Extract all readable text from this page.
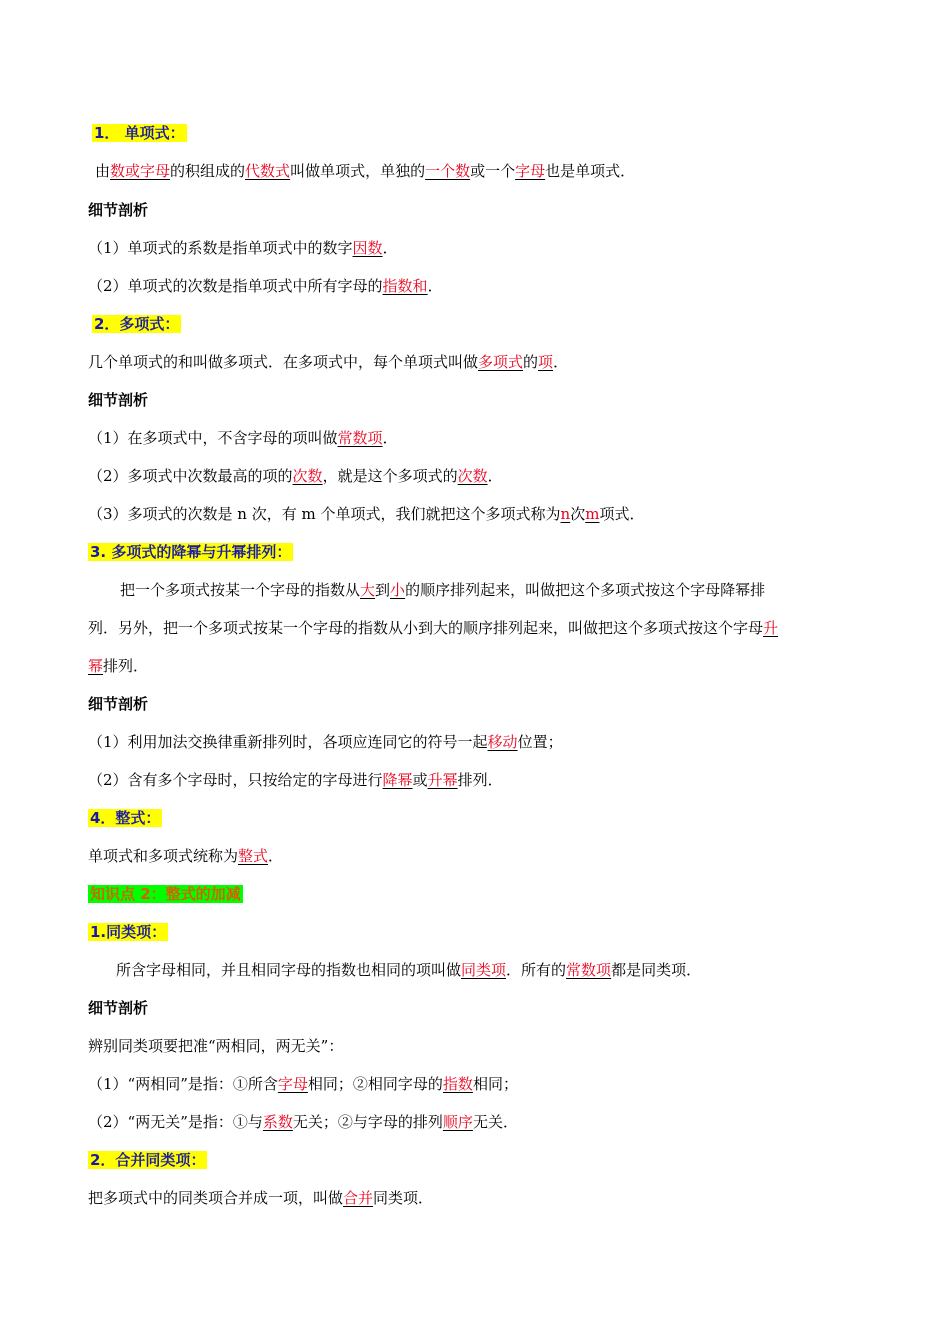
1． 单项式：
由数或字母的积组成的代数式叫做单项式，单独的一个数或一个字母也是单项式．
细节剖析
（1）单项式的系数是指单项式中的数字因数．
（2）单项式的次数是指单项式中所有字母的指数和．
2．多项式：
几个单项式的和叫做多项式．在多项式中，每个单项式叫做多项式的项．
细节剖析
（1）在多项式中，不含字母的项叫做常数项．
（2）多项式中次数最高的项的次数，就是这个多项式的次数．
（3）多项式的次数是 n 次，有 m 个单项式，我们就把这个多项式称为n次m项式．
3. 多项式的降幂与升幂排列：
把一个多项式按某一个字母的指数从大到小的顺序排列起来，叫做把这个多项式按这个字母降幂排
列．另外，把一个多项式按某一个字母的指数从小到大的顺序排列起来，叫做把这个多项式按这个字母升
幂排列．
细节剖析
（1）利用加法交换律重新排列时，各项应连同它的符号一起移动位置；
（2）含有多个字母时，只按给定的字母进行降幂或升幂排列．
4．整式：
单项式和多项式统称为整式．
知识点 2：整式的加减
1.同类项：
所含字母相同，并且相同字母的指数也相同的项叫做同类项．所有的常数项都是同类项．
细节剖析
辨别同类项要把准“两相同，两无关”：
（1）“两相同”是指：①所含字母相同；②相同字母的指数相同；
（2）“两无关”是指：①与系数无关；②与字母的排列顺序无关．
2．合并同类项：
把多项式中的同类项合并成一项，叫做合并同类项．
